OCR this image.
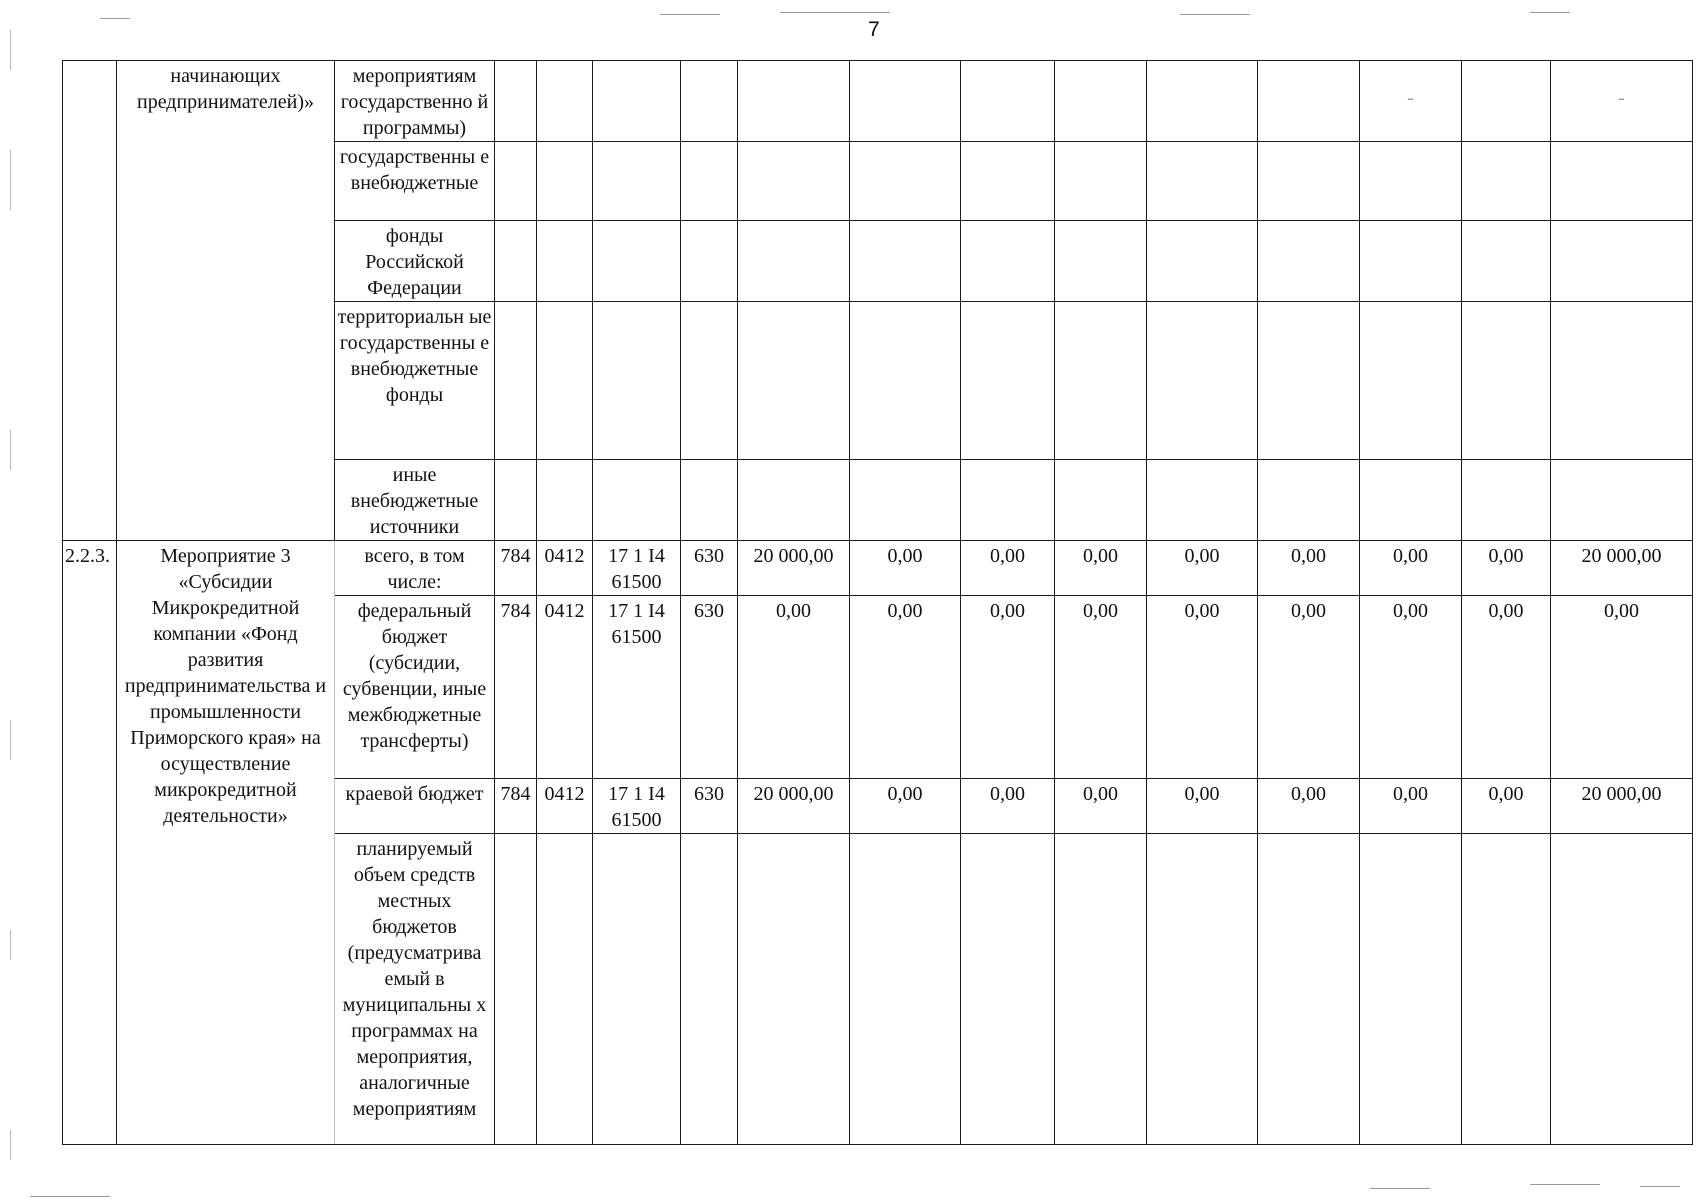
7
	начинающих предпринимателей)»	мероприятиям государственно й программы)											-		-

		государственны е внебюджетные													
		фонды Российской Федерации													
		территориальн ые государственны е внебюджетные фонды													
		иные внебюджетные источники													
2.2.3.	Мероприятие 3 «Субсидии Микрокредитной компании «Фонд развития предпринимательства и промышленности Приморского края» на осуществление микрокредитной деятельности»	всего, в том числе:	784	0412	17 1 I4 61500	630	20 000,00	0,00	0,00	0,00	0,00	0,00	0,00	0,00	20 000,00
		федеральный бюджет (субсидии, субвенции, иные межбюджетные трансферты)	784	0412	17 1 I4 61500	630	0,00	0,00	0,00	0,00	0,00	0,00	0,00	0,00	0,00
		краевой бюджет	784	0412	17 1 I4 61500	630	20 000,00	0,00	0,00	0,00	0,00	0,00	0,00	0,00	20 000,00
		планируемый объем средств местных бюджетов (предусматрива емый в муниципальны х программах на мероприятия, аналогичные мероприятиям													
